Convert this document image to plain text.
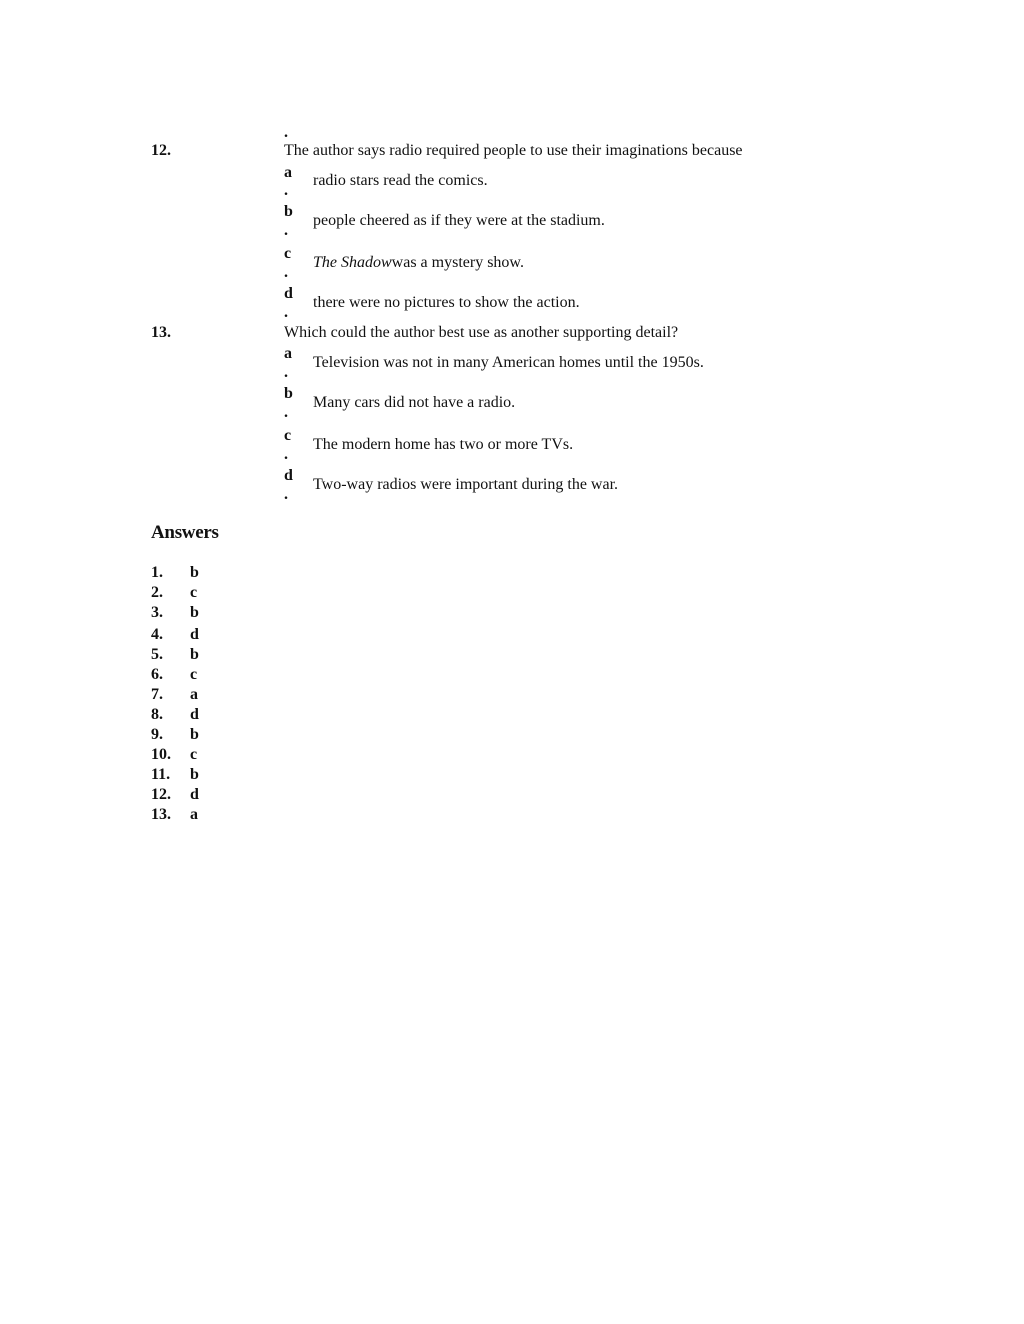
.
12.	The author says radio required people to use their imaginations because
a
.
radio stars read the comics.
b
.
people cheered as if they were at the stadium.
c
.
The Shadowwas a mystery show.
d
.
there were no pictures to show the action.
13.	Which could the author best use as another supporting detail?
a
.
Television was not in many American homes until the 1950s.
b
.
Many cars did not have a radio.
c
.
The modern home has two or more TVs.
d
.
Two-way radios were important during the war.
Answers
1. b
2. c
3. b
4. d
5. b
6. c
7. a
8. d
9. b
10. c
11. b
12. d
13. a
